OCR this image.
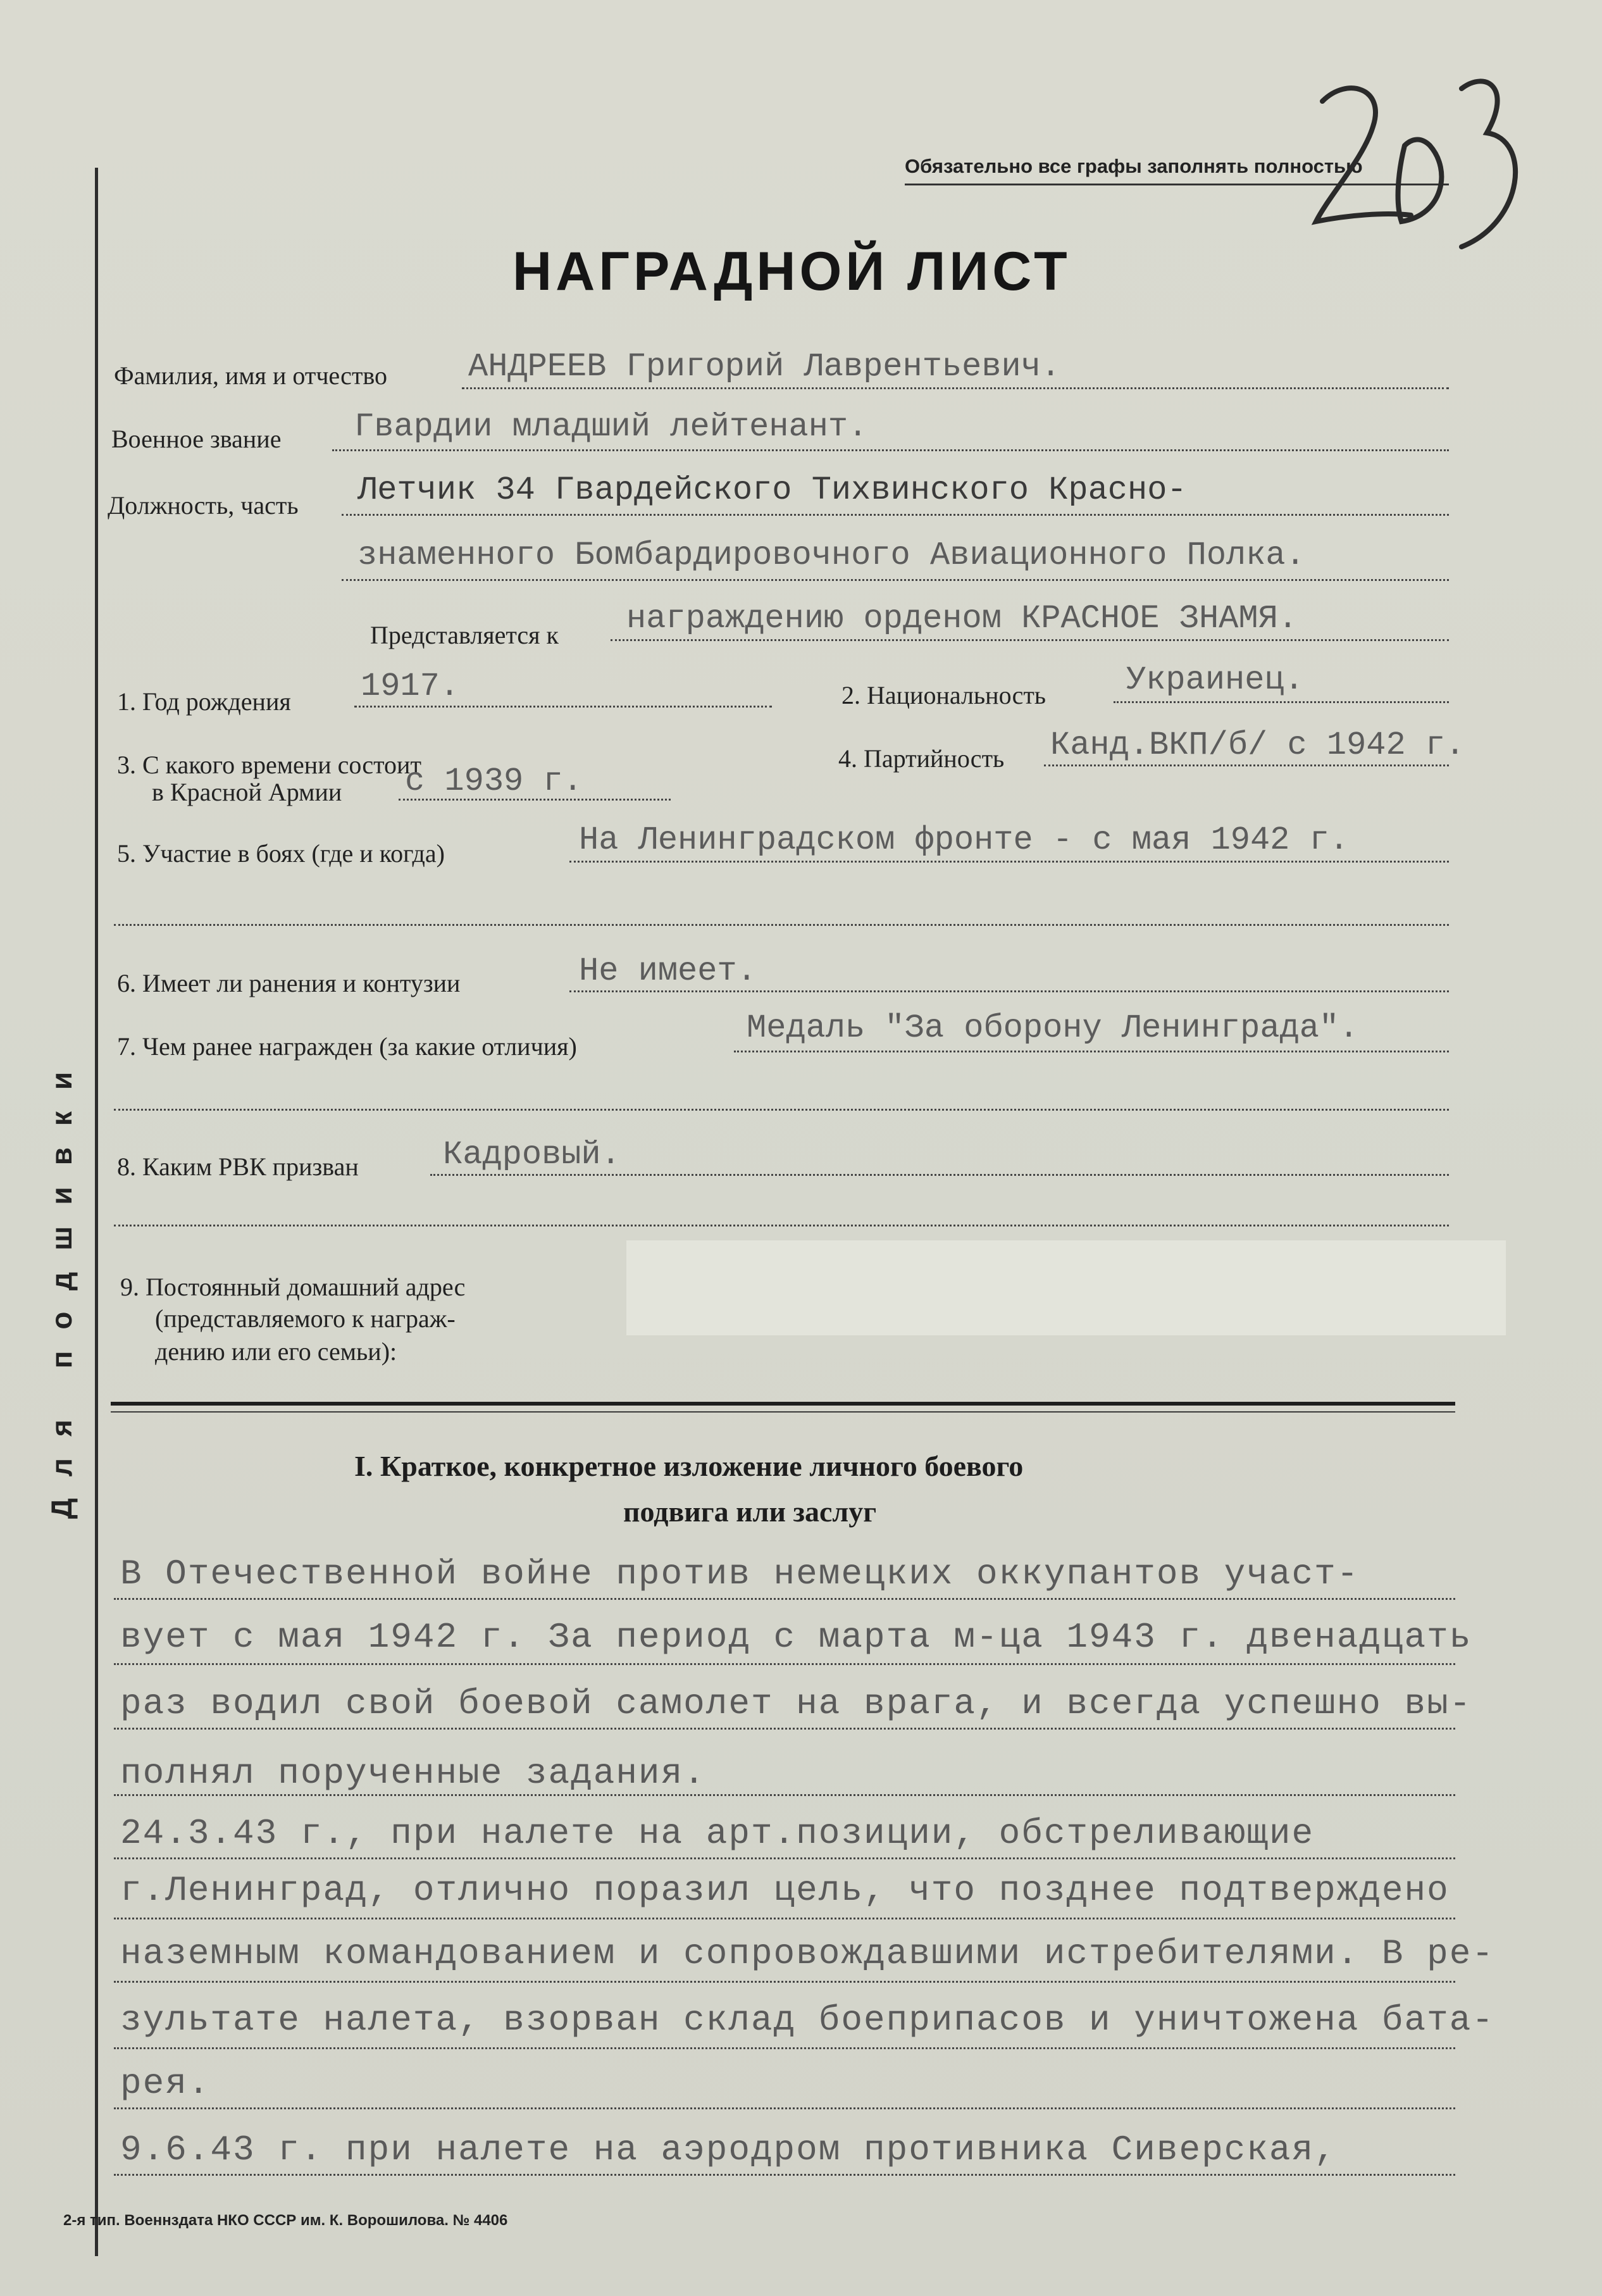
Для подшивки
Обязательно все графы заполнять полностью
НАГРАДНОЙ ЛИСТ
Фамилия, имя и отчество АНДРЕЕВ Григорий Лаврентьевич.
Военное звание Гвардии младший лейтенант.
Должность, часть Летчик 34 Гвардейского Тихвинского Красно-
знаменного Бомбардировочного Авиационного Полка.
Представляется к награждению орденом КРАСНОЕ ЗНАМЯ.
1. Год рождения 1917.	2. Национальность Украинец.
3. С какого времени состоит
в Красной Армии с 1939 г.
4. Партийность Канд.ВКП/б/ с 1942 г.
5. Участие в боях (где и когда)	На Ленинградском фронте - с мая 1942 г.
6. Имеет ли ранения и контузии	Не имеет.
7. Чем ранее награжден (за какие отличия)	Медаль "За оборону Ленинграда".
8. Каким РВК призван	Кадровый.
9. Постоянный домашний адрес
(представляемого к награж-
дению или его семьи):
I. Краткое, конкретное изложение личного боевого
подвига или заслуг
В Отечественной войне против немецких оккупантов участ-
вует с мая 1942 г. За период с марта м-ца 1943 г. двенадцать
раз водил свой боевой самолет на врага, и всегда успешно вы-
полнял порученные задания.
24.3.43 г., при налете на арт.позиции, обстреливающие
г.Ленинград, отлично поразил цель, что позднее подтверждено
наземным командованием и сопровождавшими истребителями. В ре-
зультате налета, взорван склад боеприпасов и уничтожена бата-
рея.
9.6.43 г. при налете на аэродром противника Сиверская,
2-я тип. Военнздата НКО СССР им. К. Ворошилова. № 4406
